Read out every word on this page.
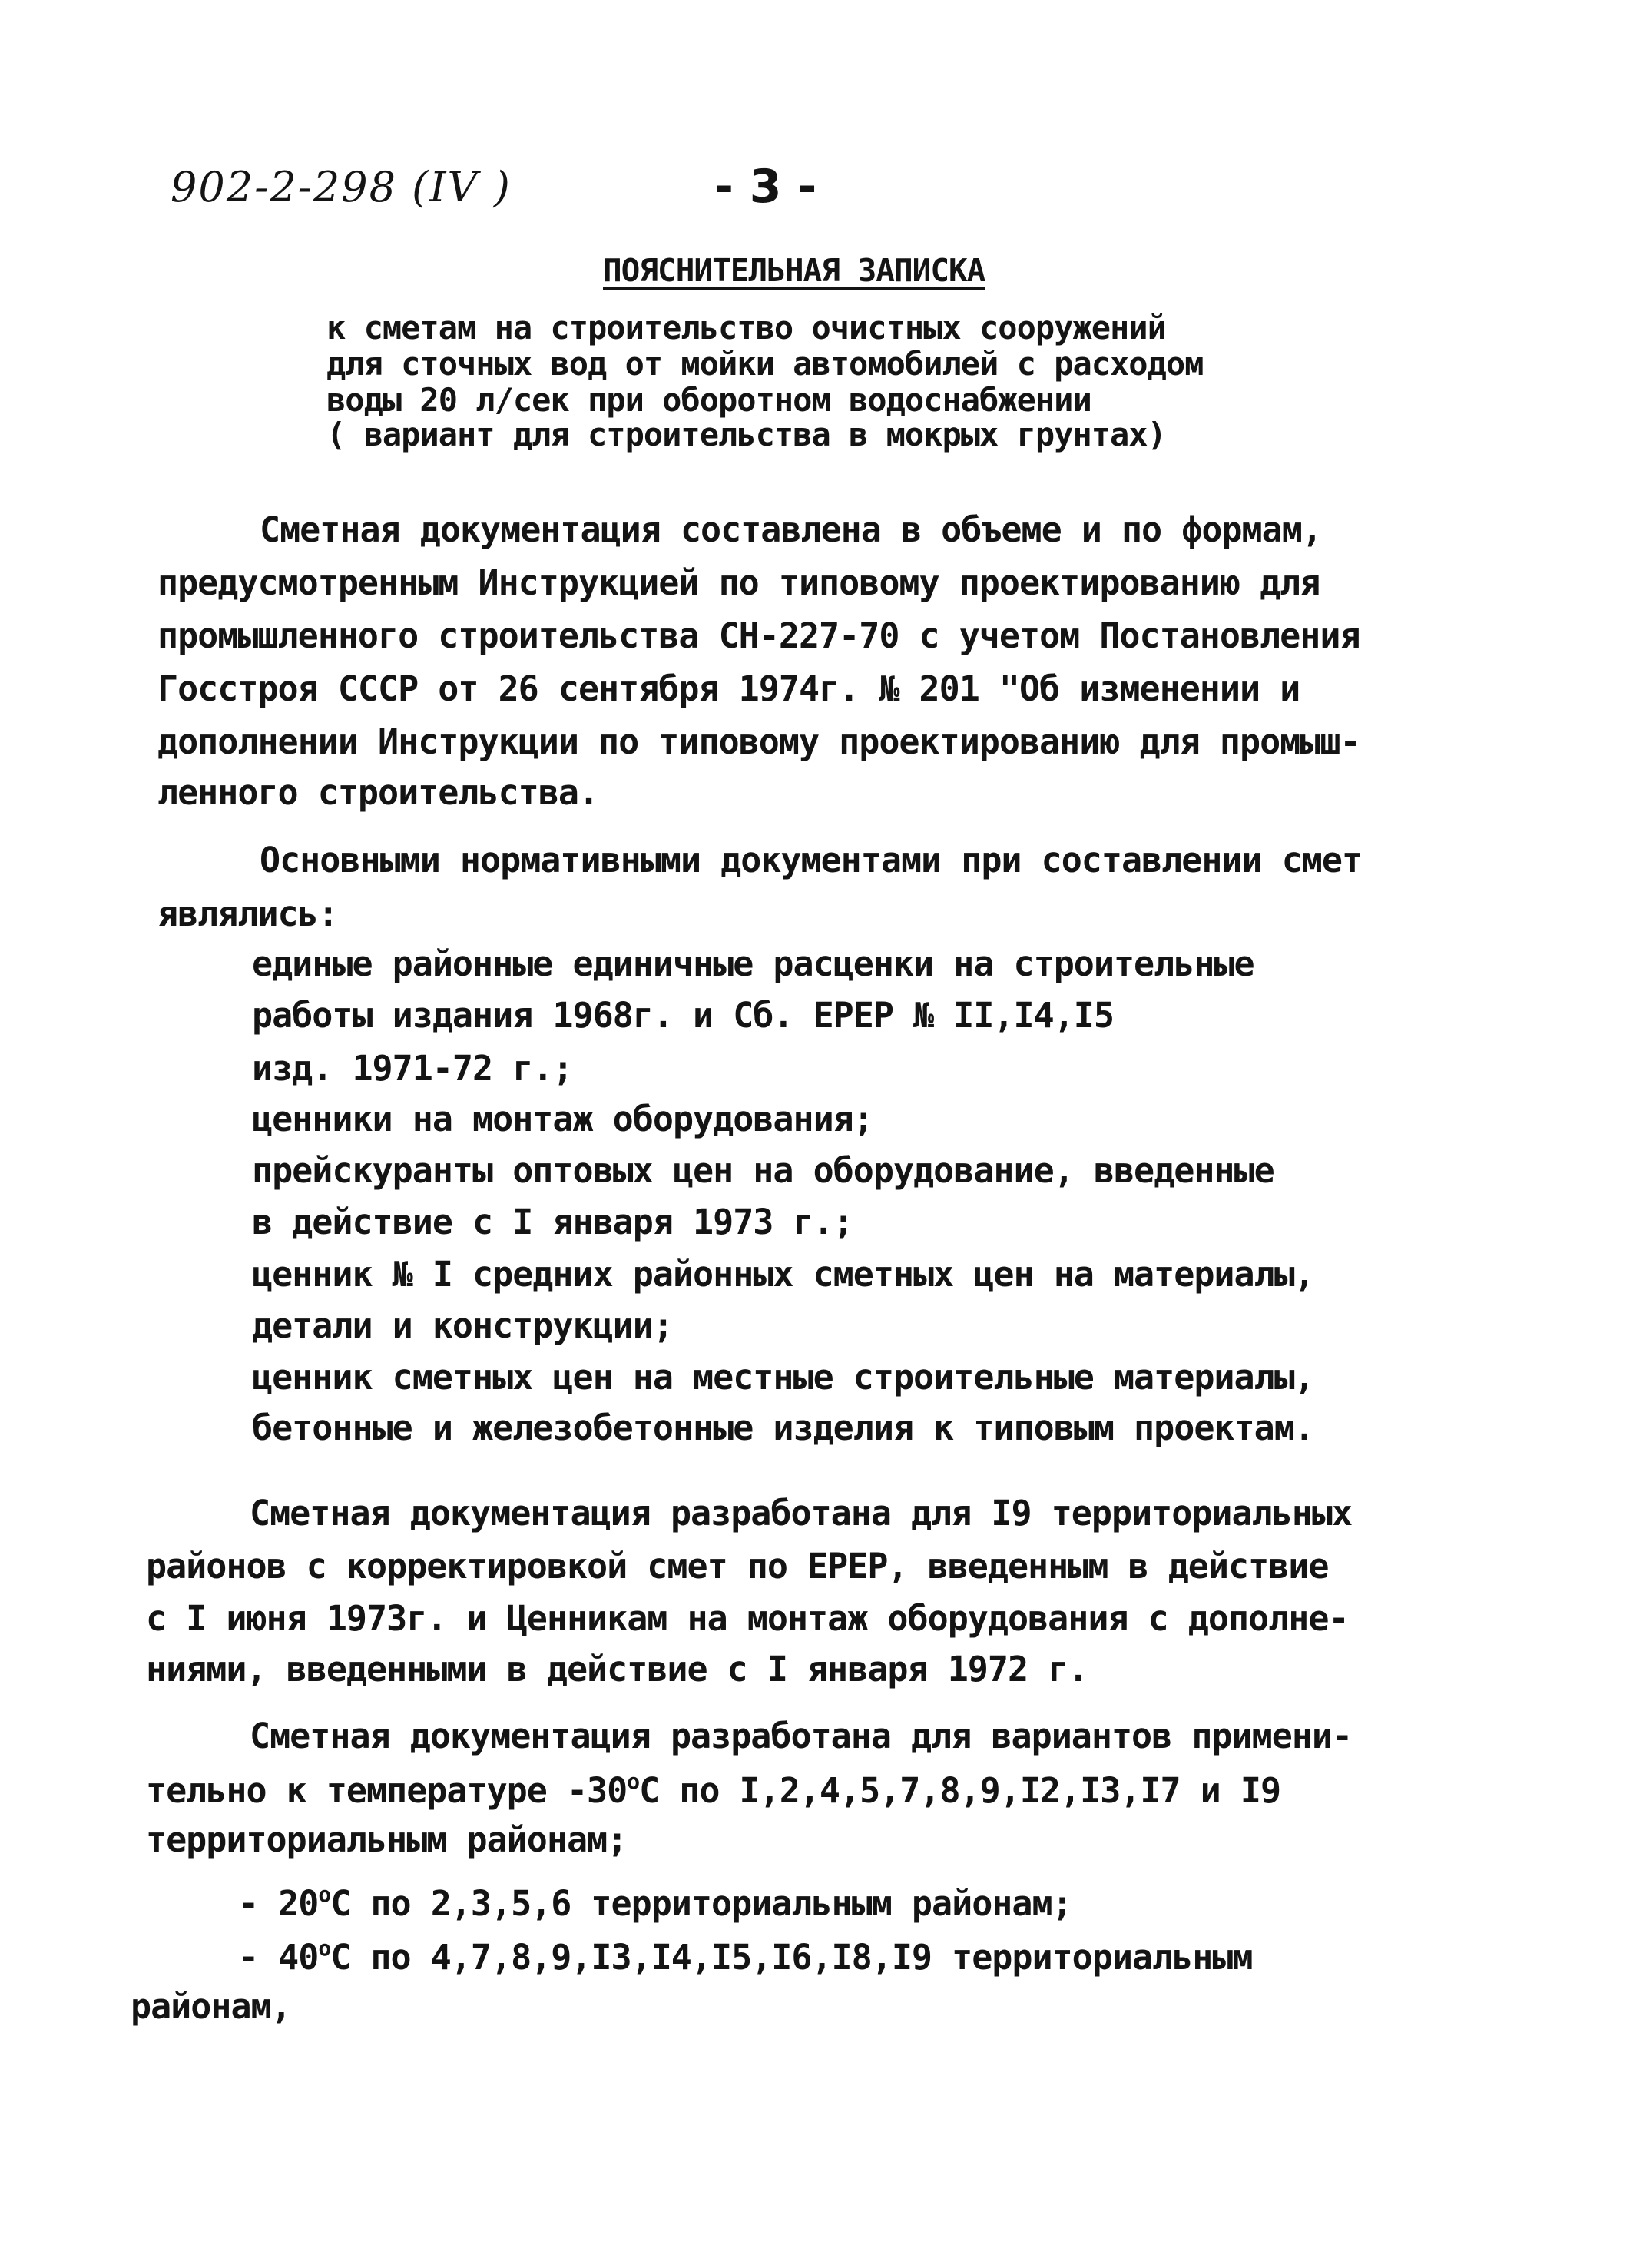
902-2-298 (IV )	- 3 -
ПОЯСНИТЕЛЬНАЯ ЗАПИСКА
к сметам на строительство очистных сооружений
для сточных вод от мойки автомобилей с расходом
воды 20 л/сек при оборотном водоснабжении
( вариант для строительства в мокрых грунтах)
Сметная документация составлена в объеме и по формам,
предусмотренным Инструкцией по типовому проектированию для
промышленного строительства СН-227-70 с учетом Постановления
Госстроя СССР от 26 сентября 1974г. № 201 "Об изменении и
дополнении Инструкции по типовому проектированию для промыш-
ленного строительства.
Основными нормативными документами при составлении смет
являлись:
единые районные единичные расценки на строительные
работы издания 1968г. и Сб. ЕРЕР № II,I4,I5
изд. 1971-72 г.;
ценники на монтаж оборудования;
прейскуранты оптовых цен на оборудование, введенные
в действие с I января 1973 г.;
ценник № I средних районных сметных цен на материалы,
детали и конструкции;
ценник сметных цен на местные строительные материалы,
бетонные и железобетонные изделия к типовым проектам.
Сметная документация разработана для I9 территориальных
районов с корректировкой смет по ЕРЕР, введенным в действие
с I июня 1973г. и Ценникам на монтаж оборудования с дополне-
ниями, введенными в действие с I января 1972 г.
Сметная документация разработана для вариантов примени-
тельно к температуре $-30^оС$ по I,2,4,5,7,8,9,I2,I3,I7 и I9
территориальным районам;
- $20^оС$ по 2,3,5,6 территориальным районам;
- $40^оС$ по 4,7,8,9,I3,I4,I5,I6,I8,I9 территориальным
районам,
